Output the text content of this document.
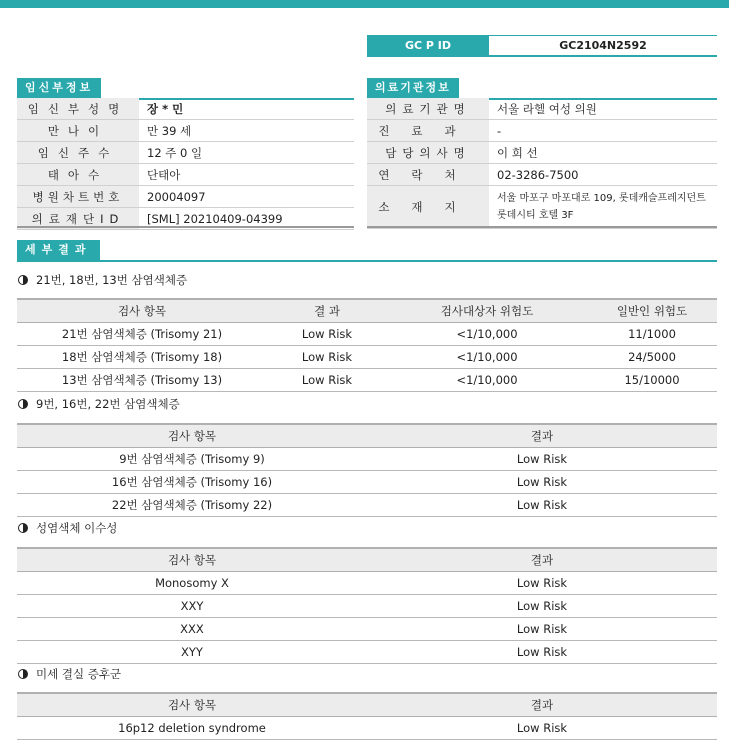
GC P ID	GC2104N2592
임신부정보
임신부성명	장 * 민
만나이	만 39 세
임신주수	12 주 0 일
태아수	단태아
병원차트번호	20004097
의료재단ID	[SML] 20210409-04399
의료기관정보
의료기관명	서울 라헬 여성 의원
진료과	-
담당의사명	이 희 선
연락처	02-3286-7500
소재지	서울 마포구 마포대로 109, 롯데캐슬프레지던트 롯데시티 호텔 3F
세부결과
21번, 18번, 13번 삼염색체증
검사 항목	결 과	검사대상자 위험도	일반인 위험도
21번 삼염색체증 (Trisomy 21)	Low Risk	<1/10,000	11/1000
18번 삼염색체증 (Trisomy 18)	Low Risk	<1/10,000	24/5000
13번 삼염색체증 (Trisomy 13)	Low Risk	<1/10,000	15/10000
9번, 16번, 22번 삼염색체증
검사 항목	결과
9번 삼염색체증 (Trisomy 9)	Low Risk
16번 삼염색체증 (Trisomy 16)	Low Risk
22번 삼염색체증 (Trisomy 22)	Low Risk
성염색체 이수성
검사 항목	결과
Monosomy X	Low Risk
XXY	Low Risk
XXX	Low Risk
XYY	Low Risk
미세 결실 증후군
검사 항목	결과
16p12 deletion syndrome	Low Risk
